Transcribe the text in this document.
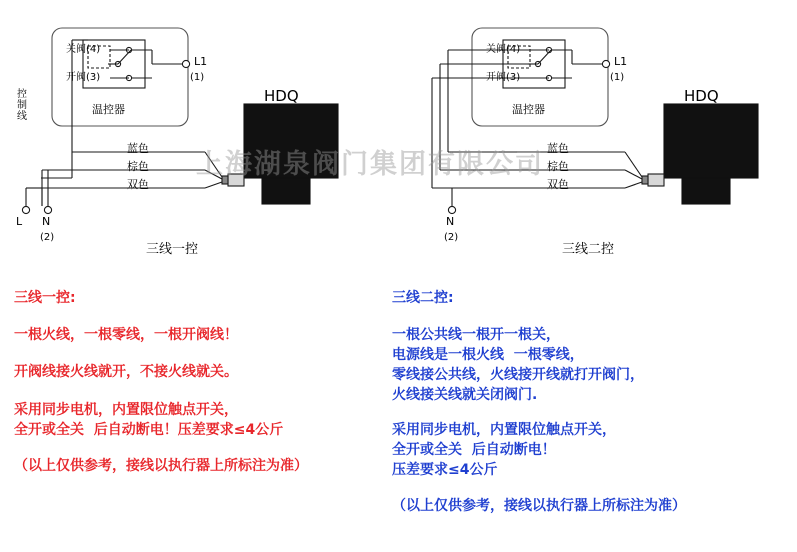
关阀(4)
开阀(3)
L1
(1)
控制线	温控器
HDQ
蓝色
棕色
双色
L N
(2)
三线一控
关阀(4)
开阀(3)
L1
(1)
温控器
HDQ
蓝色
棕色
双色
N
(2)
三线二控
上海湖泉阀门集团有限公司
三线一控:
一根火线，一根零线，一根开阀线！
开阀线接火线就开，不接火线就关。
采用同步电机，内置限位触点开关，
全开或全关  后自动断电！压差要求≤4公斤
（以上仅供参考，接线以执行器上所标注为准）
三线二控:
一根公共线一根开一根关，
电源线是一根火线  一根零线，
零线接公共线，火线接开线就打开阀门，
火线接关线就关闭阀门.
采用同步电机，内置限位触点开关，
全开或全关  后自动断电！
压差要求≤4公斤
（以上仅供参考，接线以执行器上所标注为准）
